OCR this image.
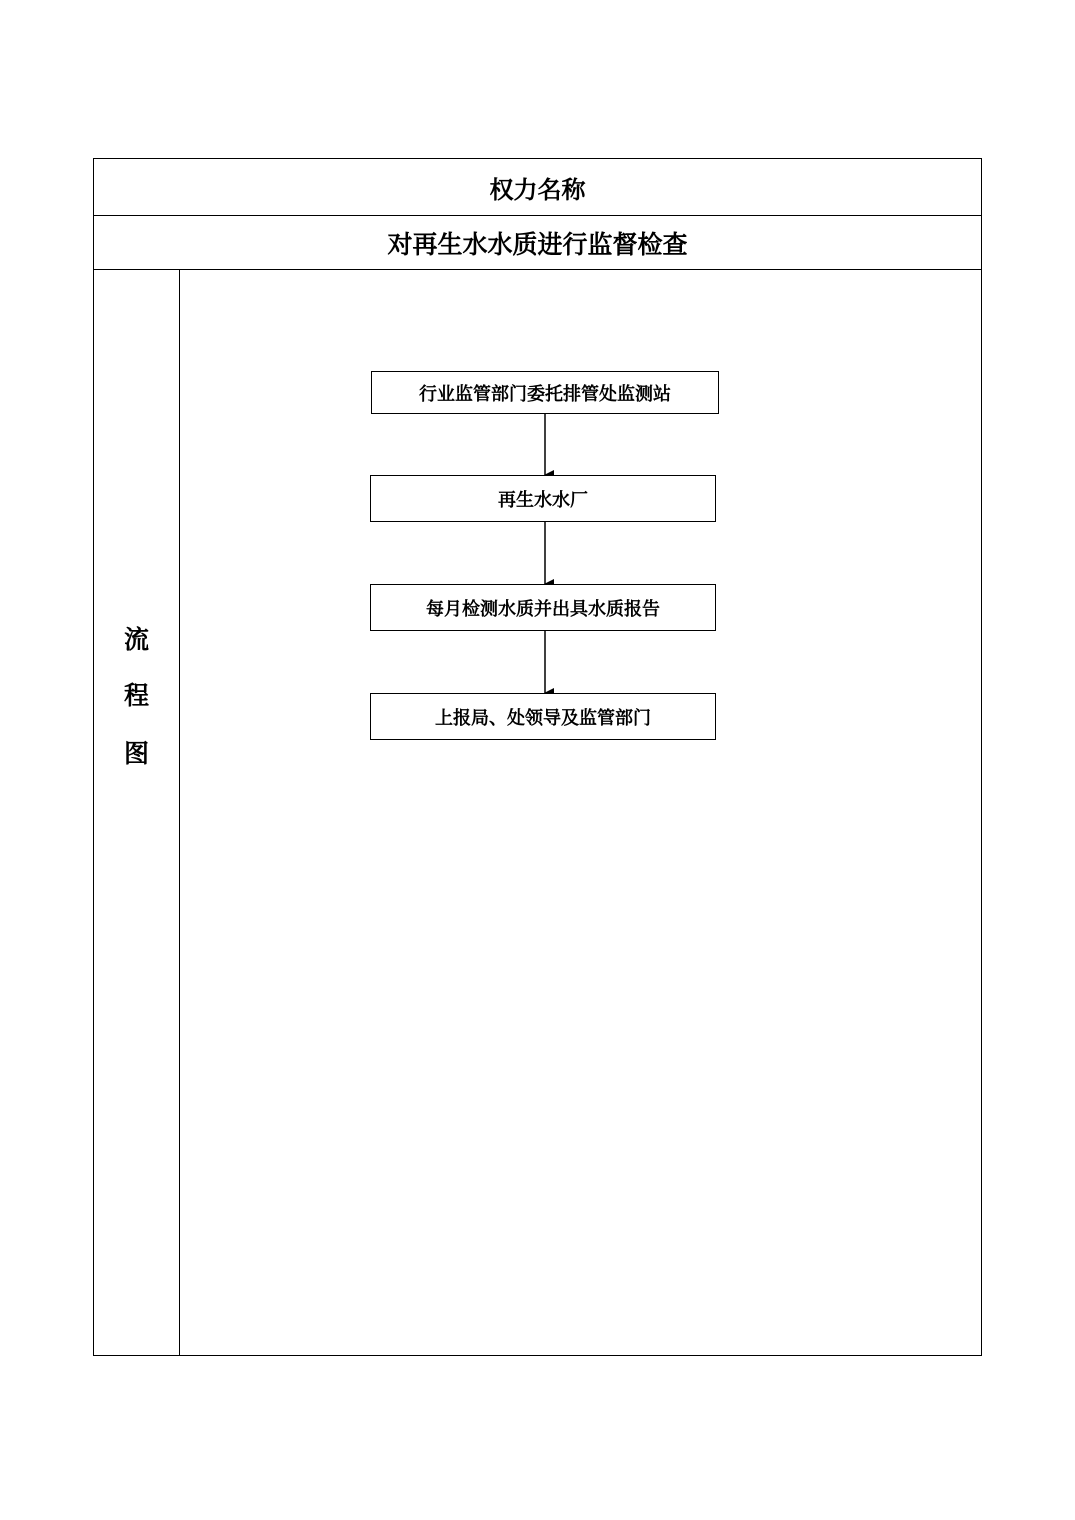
权力名称
对再生水水质进行监督检查
流
程
图
行业监管部门委托排管处监测站
再生水水厂
每月检测水质并出具水质报告
上报局、处领导及监管部门
